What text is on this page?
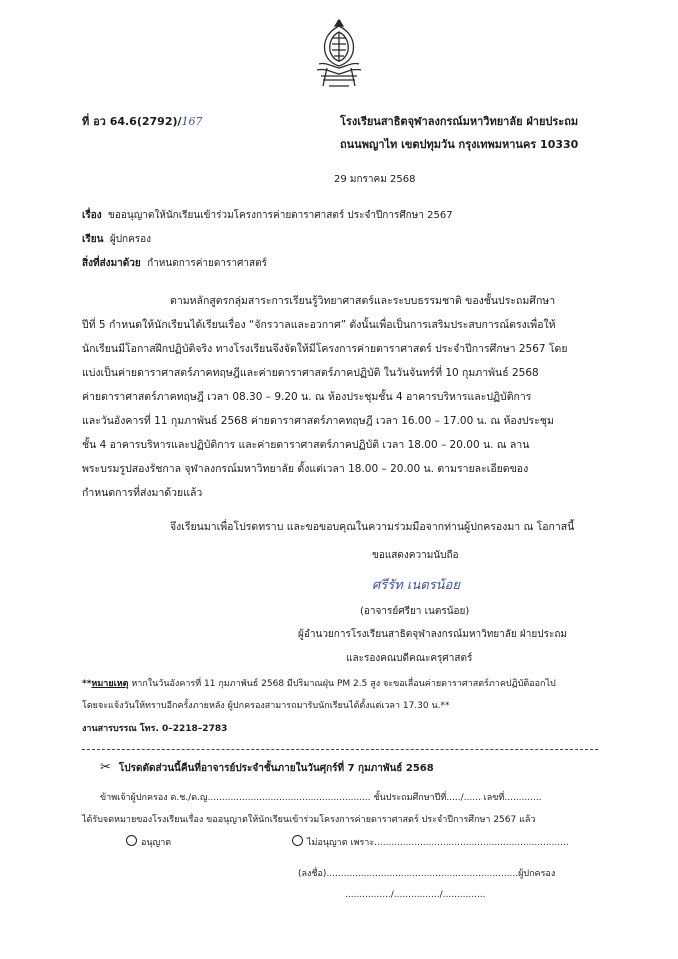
ที่ อว 64.6(2792)/167	โรงเรียนสาธิตจุฬาลงกรณ์มหาวิทยาลัย ฝ่ายประถม
ถนนพญาไท เขตปทุมวัน กรุงเทพมหานคร 10330
29 มกราคม 2568
เรื่อง ขออนุญาตให้นักเรียนเข้าร่วมโครงการค่ายดาราศาสตร์ ประจำปีการศึกษา 2567
เรียน ผู้ปกครอง
สิ่งที่ส่งมาด้วย กำหนดการค่ายดาราศาสตร์
ตามหลักสูตรกลุ่มสาระการเรียนรู้วิทยาศาสตร์และระบบธรรมชาติ ของชั้นประถมศึกษา
ปีที่ 5 กำหนดให้นักเรียนได้เรียนเรื่อง “จักรวาลและอวกาศ” ดังนั้นเพื่อเป็นการเสริมประสบการณ์ตรงเพื่อให้
นักเรียนมีโอกาสฝึกปฏิบัติจริง ทางโรงเรียนจึงจัดให้มีโครงการค่ายดาราศาสตร์ ประจำปีการศึกษา 2567 โดย
แบ่งเป็นค่ายดาราศาสตร์ภาคทฤษฎีและค่ายดาราศาสตร์ภาคปฏิบัติ ในวันจันทร์ที่ 10 กุมภาพันธ์ 2568
ค่ายดาราศาสตร์ภาคทฤษฎี เวลา 08.30 – 9.20 น. ณ ห้องประชุมชั้น 4 อาคารบริหารและปฏิบัติการ
และวันอังคารที่ 11 กุมภาพันธ์ 2568 ค่ายดาราศาสตร์ภาคทฤษฎี เวลา 16.00 – 17.00 น. ณ ห้องประชุม
ชั้น 4 อาคารบริหารและปฏิบัติการ และค่ายดาราศาสตร์ภาคปฏิบัติ เวลา 18.00 – 20.00 น. ณ ลาน
พระบรมรูปสองรัชกาล จุฬาลงกรณ์มหาวิทยาลัย ตั้งแต่เวลา 18.00 – 20.00 น. ตามรายละเอียดของ
กำหนดการที่ส่งมาด้วยแล้ว
จึงเรียนมาเพื่อโปรดทราบ และขอขอบคุณในความร่วมมือจากท่านผู้ปกครองมา ณ โอกาสนี้
ขอแสดงความนับถือ
ศรีรัท เนตรน้อย
(อาจารย์ศรียา เนตรน้อย)
ผู้อำนวยการโรงเรียนสาธิตจุฬาลงกรณ์มหาวิทยาลัย ฝ่ายประถม
และรองคณบดีคณะครุศาสตร์
**หมายเหตุ หากในวันอังคารที่ 11 กุมภาพันธ์ 2568 มีปริมาณฝุ่น PM 2.5 สูง จะขอเลื่อนค่ายดาราศาสตร์ภาคปฏิบัติออกไป
โดยจะแจ้งวันให้ทราบอีกครั้งภายหลัง ผู้ปกครองสามารถมารับนักเรียนได้ตั้งแต่เวลา 17.30 น.**
งานสารบรรณ โทร. 0–2218–2783
✂ โปรดตัดส่วนนี้คืนที่อาจารย์ประจำชั้นภายในวันศุกร์ที่ 7 กุมภาพันธ์ 2568
ข้าพเจ้าผู้ปกครอง ด.ช./ด.ญ......................................................... ชั้นประถมศึกษาปีที่...../...... เลขที่.............
ได้รับจดหมายของโรงเรียนเรื่อง ขออนุญาตให้นักเรียนเข้าร่วมโครงการค่ายดาราศาสตร์ ประจำปีการศึกษา 2567 แล้ว
อนุญาต	ไม่อนุญาต เพราะ....................................................................
(ลงชื่อ)...................................................................ผู้ปกครอง
................/................/...............
